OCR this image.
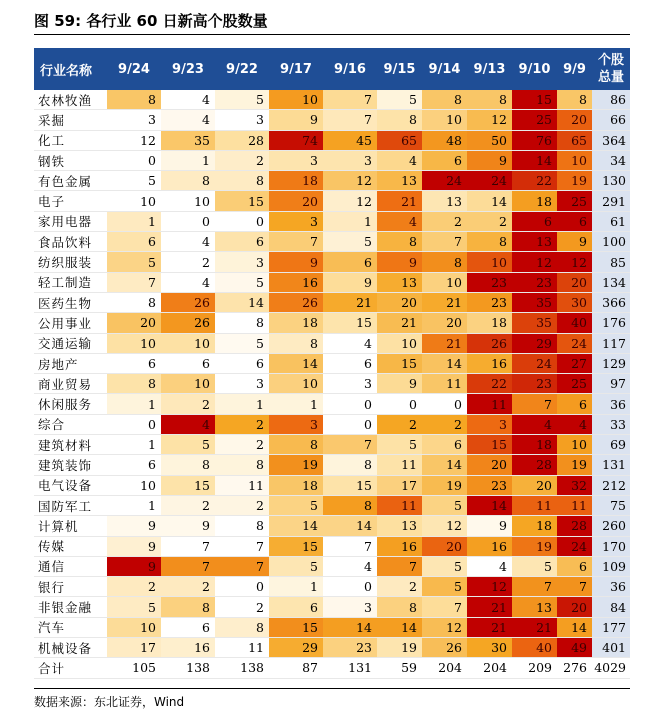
图 59: 各行业 60 日新高个股数量
行业名称	9/24	9/23	9/22	9/17	9/16	9/15	9/14	9/13	9/10	9/9	个股总量
农林牧渔	8	4	5	10	7	5	8	8	15	8	86
采掘	3	4	3	9	7	8	10	12	25	20	66
化工	12	35	28	74	45	65	48	50	76	65	364
钢铁	0	1	2	3	3	4	6	9	14	10	34
有色金属	5	8	8	18	12	13	24	24	22	19	130
电子	10	10	15	20	12	21	13	14	18	25	291
家用电器	1	0	0	3	1	4	2	2	6	6	61
食品饮料	6	4	6	7	5	8	7	8	13	9	100
纺织服装	5	2	3	9	6	9	8	10	12	12	85
轻工制造	7	4	5	16	9	13	10	23	23	20	134
医药生物	8	26	14	26	21	20	21	23	35	30	366
公用事业	20	26	8	18	15	21	20	18	35	40	176
交通运输	10	10	5	8	4	10	21	26	29	24	117
房地产	6	6	6	14	6	15	14	16	24	27	129
商业贸易	8	10	3	10	3	9	11	22	23	25	97
休闲服务	1	2	1	1	0	0	0	11	7	6	36
综合	0	4	2	3	0	2	2	3	4	4	33
建筑材料	1	5	2	8	7	5	6	15	18	10	69
建筑装饰	6	8	8	19	8	11	14	20	28	19	131
电气设备	10	15	11	18	15	17	19	23	20	32	212
国防军工	1	2	2	5	8	11	5	14	11	11	75
计算机	9	9	8	14	14	13	12	9	18	28	260
传媒	9	7	7	15	7	16	20	16	19	24	170
通信	9	7	7	5	4	7	5	4	5	6	109
银行	2	2	0	1	0	2	5	12	7	7	36
非银金融	5	8	2	6	3	8	7	21	13	20	84
汽车	10	6	8	15	14	14	12	21	21	14	177
机械设备	17	16	11	29	23	19	26	30	40	49	401
合计	105	138	138	87	131	59	204	204	209	276	4029
数据来源：东北证券，Wind
